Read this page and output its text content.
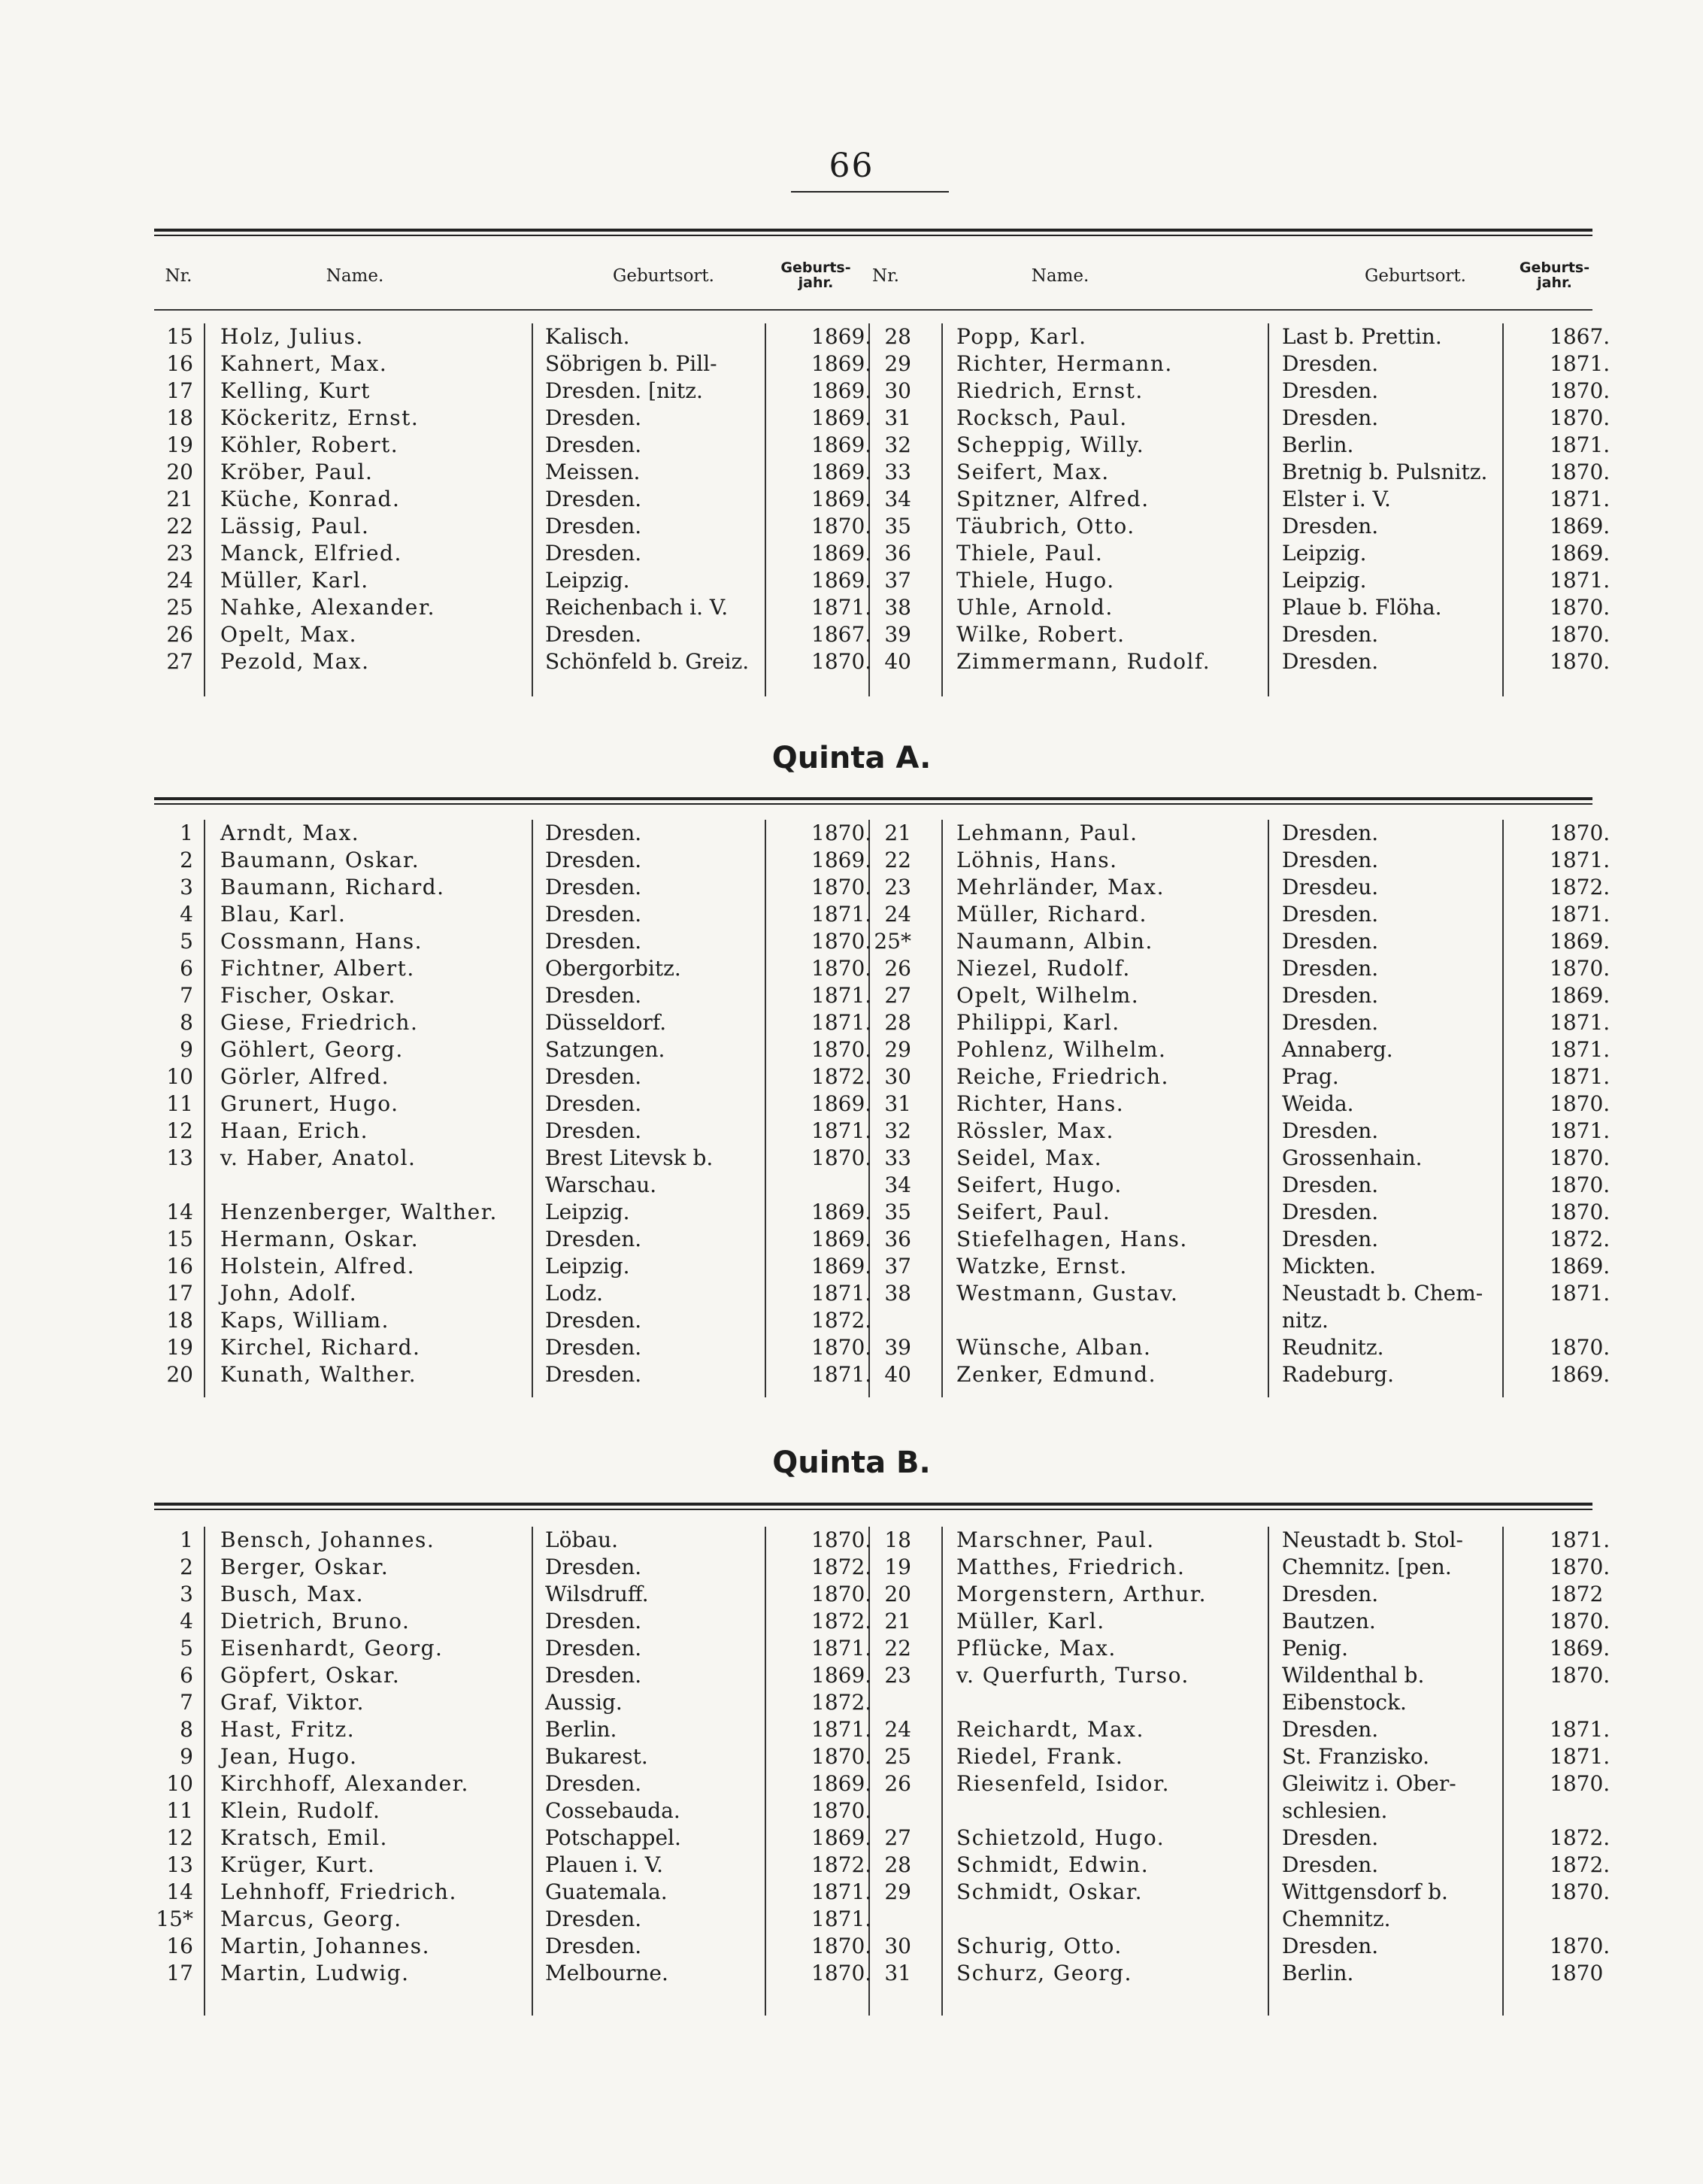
66
Nr.	Name.	Geburtsort.	Geburts- jahr.	Nr.	Name.	Geburtsort.	Geburts- jahr.
15 Holz, Julius.	Kalisch.	1869. 28 Popp, Karl.	Last b. Prettin.	1867.
16 Kahnert, Max.	Söbrigen b. Pill-	1869. 29 Richter, Hermann.	Dresden.	1871.
17 Kelling, Kurt	Dresden. [nitz.	1869. 30 Riedrich, Ernst.	Dresden.	1870.
18 Köckeritz, Ernst.	Dresden.	1869. 31 Rocksch, Paul.	Dresden.	1870.
19 Köhler, Robert.	Dresden.	1869. 32 Scheppig, Willy.	Berlin.	1871.
20 Kröber, Paul.	Meissen.	1869. 33 Seifert, Max.	Bretnig b. Pulsnitz.	1870.
21 Küche, Konrad.	Dresden.	1869. 34 Spitzner, Alfred.	Elster i. V.	1871.
22 Lässig, Paul.	Dresden.	1870. 35 Täubrich, Otto.	Dresden.	1869.
23 Manck, Elfried.	Dresden.	1869. 36 Thiele, Paul.	Leipzig.	1869.
24 Müller, Karl.	Leipzig.	1869. 37 Thiele, Hugo.	Leipzig.	1871.
25 Nahke, Alexander.	Reichenbach i. V.	1871. 38 Uhle, Arnold.	Plaue b. Flöha.	1870.
26 Opelt, Max.	Dresden.	1867. 39 Wilke, Robert.	Dresden.	1870.
27 Pezold, Max.	Schönfeld b. Greiz.	1870. 40 Zimmermann, Rudolf.	Dresden.	1870.
Quinta A.
1 Arndt, Max.	Dresden.	1870. 21 Lehmann, Paul.	Dresden.	1870.
2 Baumann, Oskar.	Dresden.	1869. 22 Löhnis, Hans.	Dresden.	1871.
3 Baumann, Richard.	Dresden.	1870. 23 Mehrländer, Max.	Dresdeu.	1872.
4 Blau, Karl.	Dresden.	1871. 24 Müller, Richard.	Dresden.	1871.
5 Cossmann, Hans.	Dresden.	1870. 25* Naumann, Albin.	Dresden.	1869.
6 Fichtner, Albert.	Obergorbitz.	1870. 26 Niezel, Rudolf.	Dresden.	1870.
7 Fischer, Oskar.	Dresden.	1871. 27 Opelt, Wilhelm.	Dresden.	1869.
8 Giese, Friedrich.	Düsseldorf.	1871. 28 Philippi, Karl.	Dresden.	1871.
9 Göhlert, Georg.	Satzungen.	1870. 29 Pohlenz, Wilhelm.	Annaberg.	1871.
10 Görler, Alfred.	Dresden.	1872. 30 Reiche, Friedrich.	Prag.	1871.
11 Grunert, Hugo.	Dresden.	1869. 31 Richter, Hans.	Weida.	1870.
12 Haan, Erich.	Dresden.	1871. 32 Rössler, Max.	Dresden.	1871.
13 v. Haber, Anatol.	Brest Litevsk b.	1870. 33 Seidel, Max.	Grossenhain.	1870.
Warschau.	34 Seifert, Hugo.	Dresden.	1870.
14 Henzenberger, Walther. Leipzig.	1869. 35 Seifert, Paul.	Dresden.	1870.
15 Hermann, Oskar.	Dresden.	1869. 36 Stiefelhagen, Hans.	Dresden.	1872.
16 Holstein, Alfred.	Leipzig.	1869. 37 Watzke, Ernst.	Mickten.	1869.
17 John, Adolf.	Lodz.	1871. 38 Westmann, Gustav.	Neustadt b. Chem-	1871.
18 Kaps, William.	Dresden.	1872.	nitz.
19 Kirchel, Richard.	Dresden.	1870. 39 Wünsche, Alban.	Reudnitz.	1870.
20 Kunath, Walther.	Dresden.	1871. 40 Zenker, Edmund.	Radeburg.	1869.
Quinta B.
1 Bensch, Johannes.	Löbau.	1870. 18 Marschner, Paul.	Neustadt b. Stol-	1871.
2 Berger, Oskar.	Dresden.	1872. 19 Matthes, Friedrich.	Chemnitz. [pen.	1870.
3 Busch, Max.	Wilsdruff.	1870. 20 Morgenstern, Arthur.	Dresden.	1872
4 Dietrich, Bruno.	Dresden.	1872. 21 Müller, Karl.	Bautzen.	1870.
5 Eisenhardt, Georg.	Dresden.	1871. 22 Pflücke, Max.	Penig.	1869.
6 Göpfert, Oskar.	Dresden.	1869. 23 v. Querfurth, Turso.	Wildenthal b.	1870.
7 Graf, Viktor.	Aussig.	1872.	Eibenstock.
8 Hast, Fritz.	Berlin.	1871. 24 Reichardt, Max.	Dresden.	1871.
9 Jean, Hugo.	Bukarest.	1870. 25 Riedel, Frank.	St. Franzisko.	1871.
10 Kirchhoff, Alexander.	Dresden.	1869. 26 Riesenfeld, Isidor.	Gleiwitz i. Ober-	1870.
11 Klein, Rudolf.	Cossebauda.	1870.	schlesien.
12 Kratsch, Emil.	Potschappel.	1869. 27 Schietzold, Hugo.	Dresden.	1872.
13 Krüger, Kurt.	Plauen i. V.	1872. 28 Schmidt, Edwin.	Dresden.	1872.
14 Lehnhoff, Friedrich.	Guatemala.	1871. 29 Schmidt, Oskar.	Wittgensdorf b.	1870.
15* Marcus, Georg.	Dresden.	1871.	Chemnitz.
16 Martin, Johannes.	Dresden.	1870. 30 Schurig, Otto.	Dresden.	1870.
17 Martin, Ludwig.	Melbourne.	1870. 31 Schurz, Georg.	Berlin.	1870
